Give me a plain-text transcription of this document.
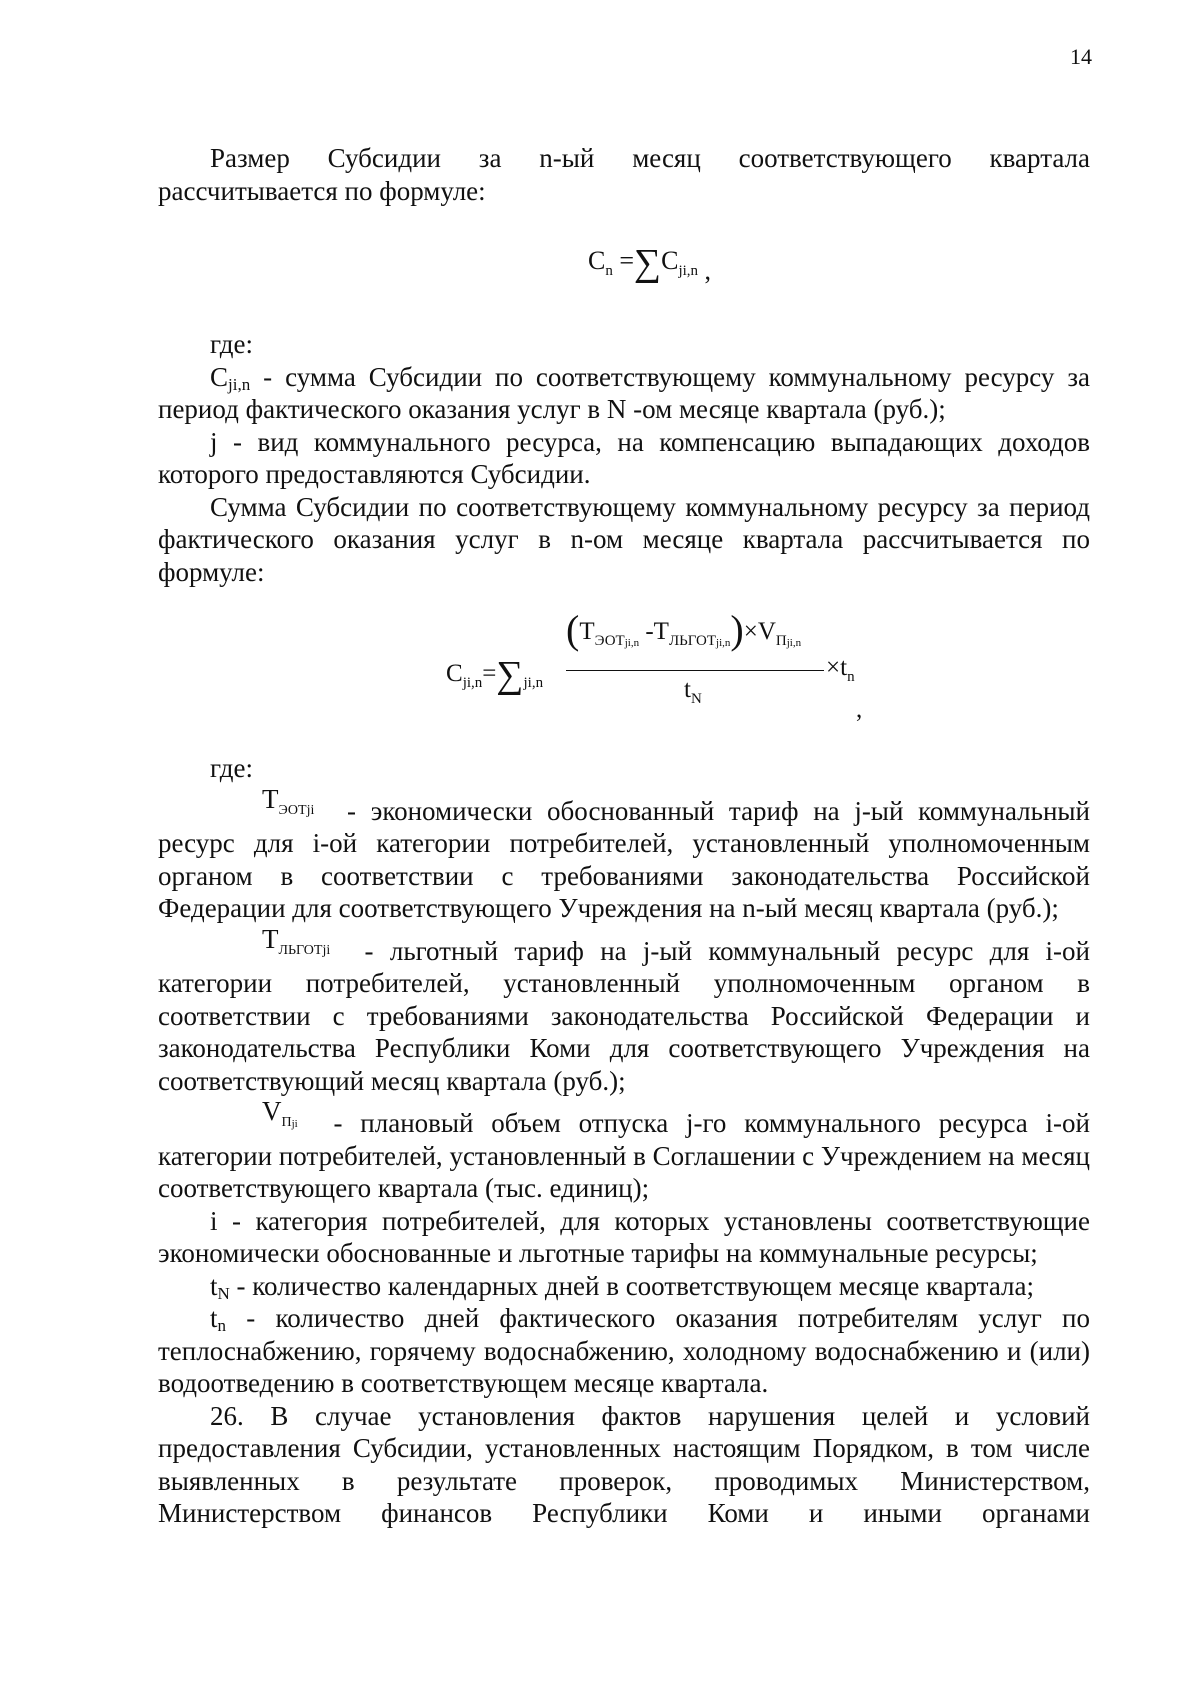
14

Размер Субсидии за n-ый месяц соответствующего квартала

рассчитывается по формуле:

$C_n =\sum C_{ji,n}$ ,

где:

$C_{ji,n}$ - сумма Субсидии по соответствующему коммунальному ресурсу за период фактического оказания услуг в N -ом месяце квартала (руб.);

j - вид коммунального ресурса, на компенсацию выпадающих доходов которого предоставляются Субсидии.

Сумма Субсидии по соответствующему коммунальному ресурсу за период фактического оказания услуг в n-ом месяце квартала рассчитывается по формуле:

$C_{ji,n}=\sum_{ji,n}$
($T_{ЭОТji,n}$ $-T_{ЛЬГОТji,n})\times V_{Пji,n}$
$t_N$
$\times t_n$
,

где:

$T_{ЭОТji}$ - экономически обоснованный тариф на j-ый коммунальный ресурс для i-ой категории потребителей, установленный уполномоченным органом в соответствии с требованиями законодательства Российской Федерации для соответствующего Учреждения на n-ый месяц квартала (руб.);

$T_{ЛЬГОТji}$ - льготный тариф на j-ый коммунальный ресурс для i-ой категории потребителей, установленный уполномоченным органом в соответствии с требованиями законодательства Российской Федерации и законодательства Республики Коми для соответствующего Учреждения на соответствующий месяц квартала (руб.);

$V_{Пji}$ - плановый объем отпуска j-го коммунального ресурса i-ой категории потребителей, установленный в Соглашении с Учреждением на месяц соответствующего квартала (тыс. единиц);

i - категория потребителей, для которых установлены соответствующие экономически обоснованные и льготные тарифы на коммунальные ресурсы;

$t_N$ - количество календарных дней в соответствующем месяце квартала;

$t_n$ - количество дней фактического оказания потребителям услуг по теплоснабжению, горячему водоснабжению, холодному водоснабжению и (или) водоотведению в соответствующем месяце квартала.

26. В случае установления фактов нарушения целей и условий предоставления Субсидии, установленных настоящим Порядком, в том числе выявленных в результате проверок, проводимых Министерством, Министерством финансов Республики Коми и иными органами
